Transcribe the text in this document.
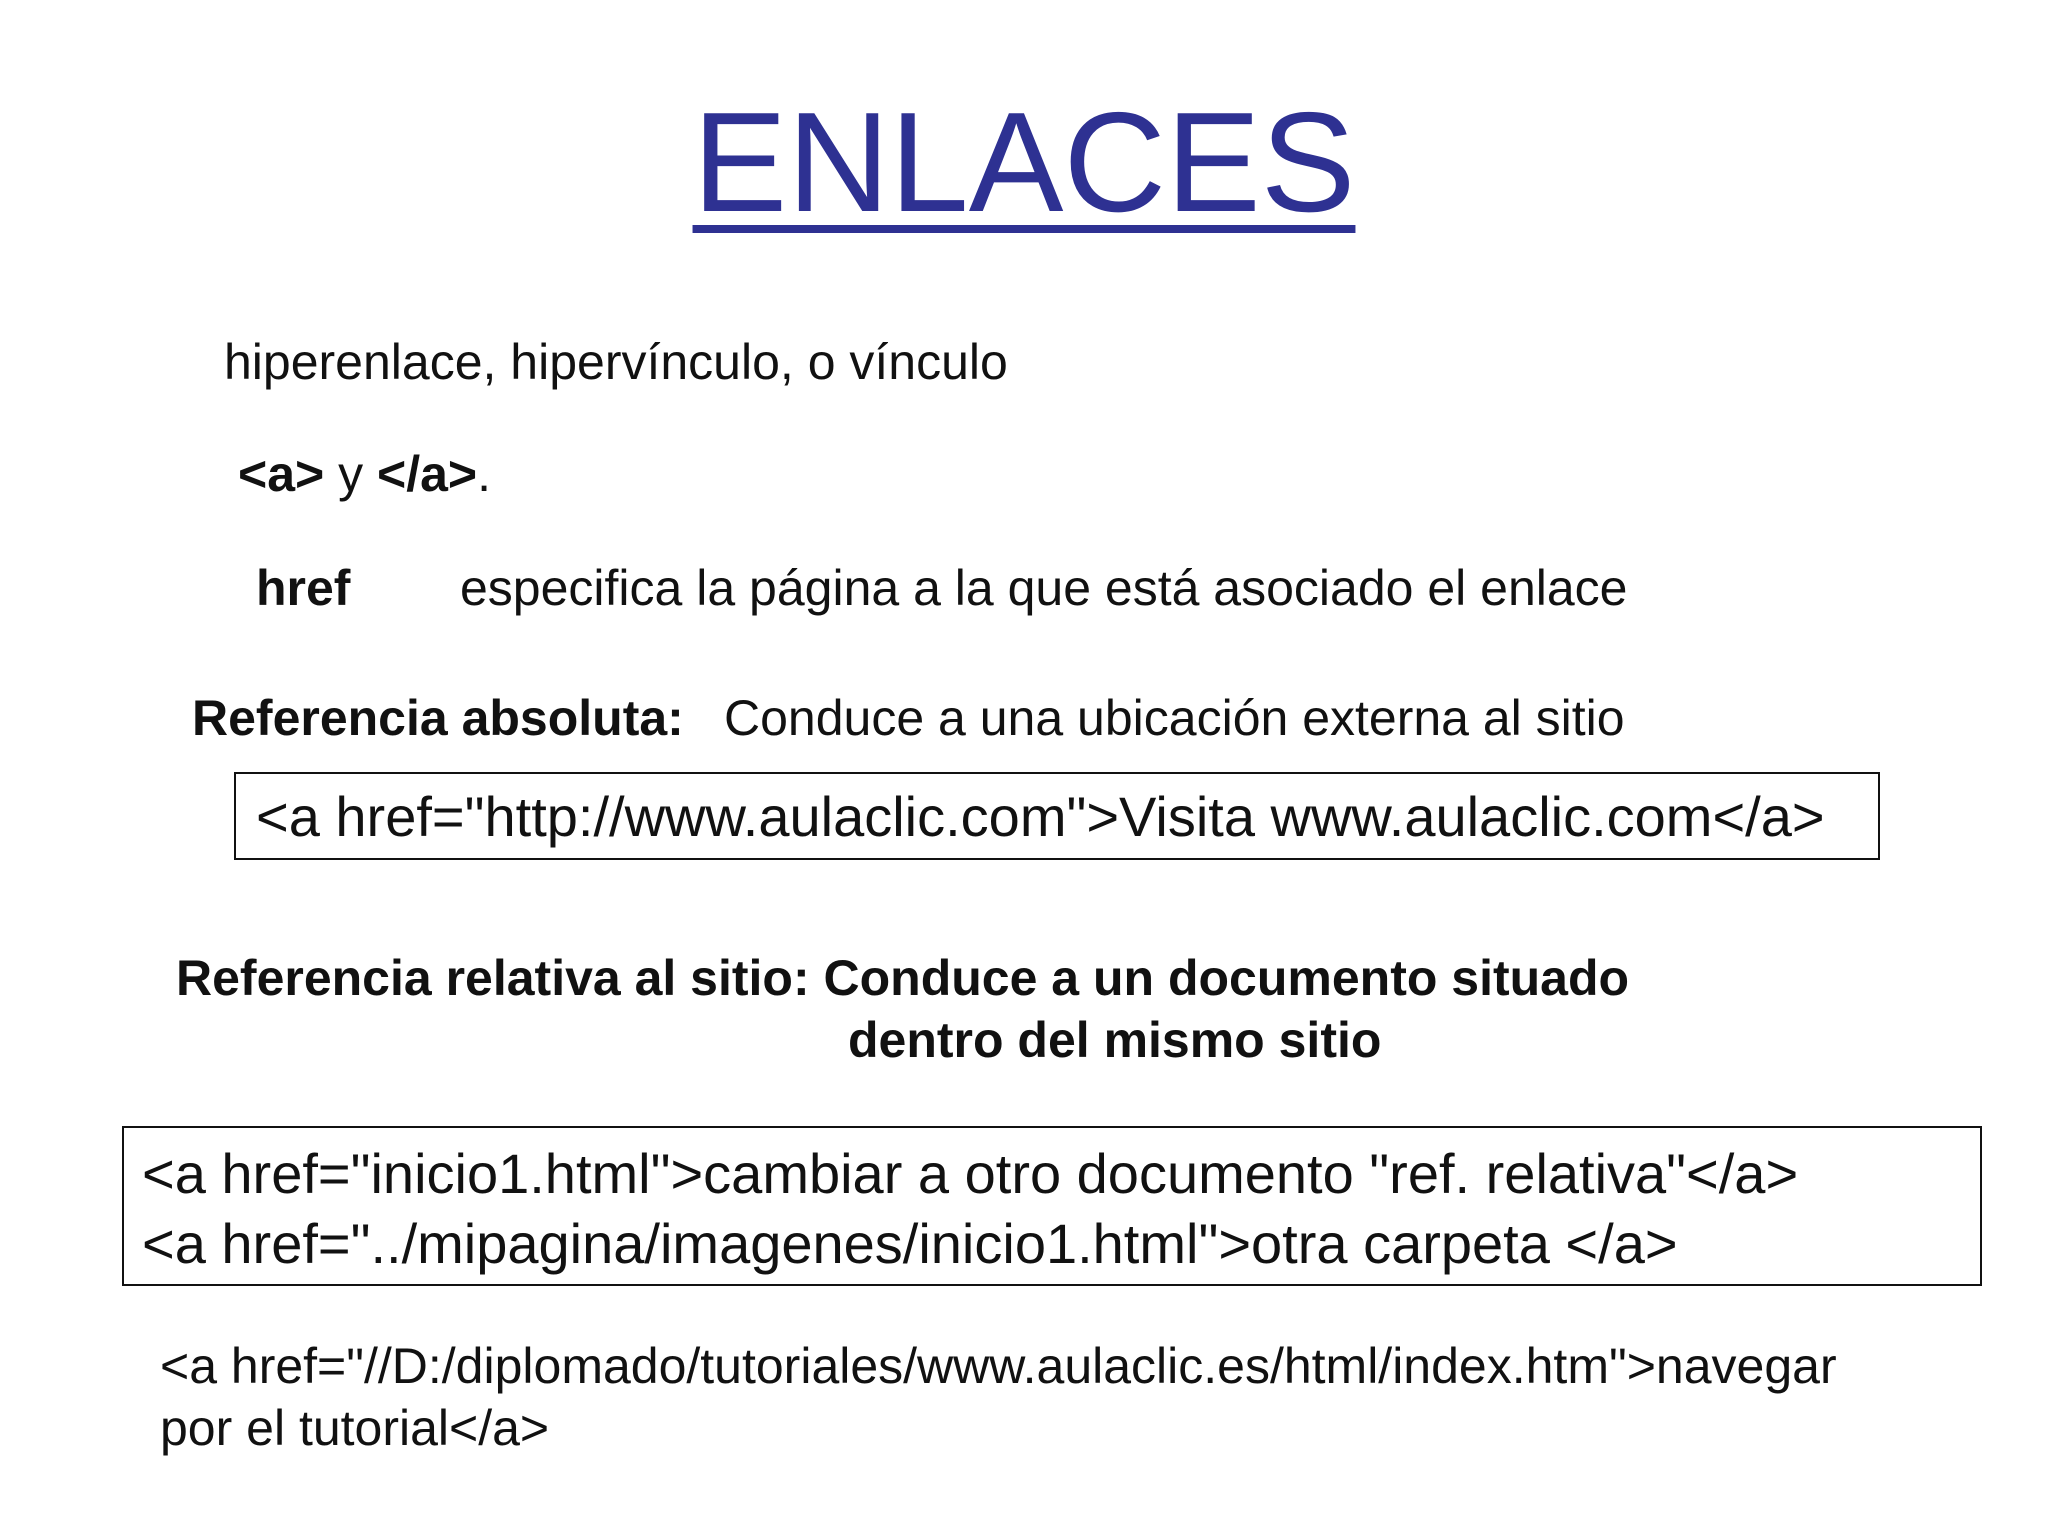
ENLACES
hiperenlace, hipervínculo, o vínculo
<a> y </a>.
href especifica la página a la que está asociado el enlace
Referencia absoluta: Conduce a una ubicación externa al sitio
<a href="http://www.aulaclic.com">Visita www.aulaclic.com</a>
Referencia relativa al sitio: Conduce a un documento situado
dentro del mismo sitio
<a href="inicio1.html">cambiar a otro documento "ref. relativa"</a>
<a href="../mipagina/imagenes/inicio1.html">otra carpeta </a>
<a href="//D:/diplomado/tutoriales/www.aulaclic.es/html/index.htm">navegar
por el tutorial</a>
